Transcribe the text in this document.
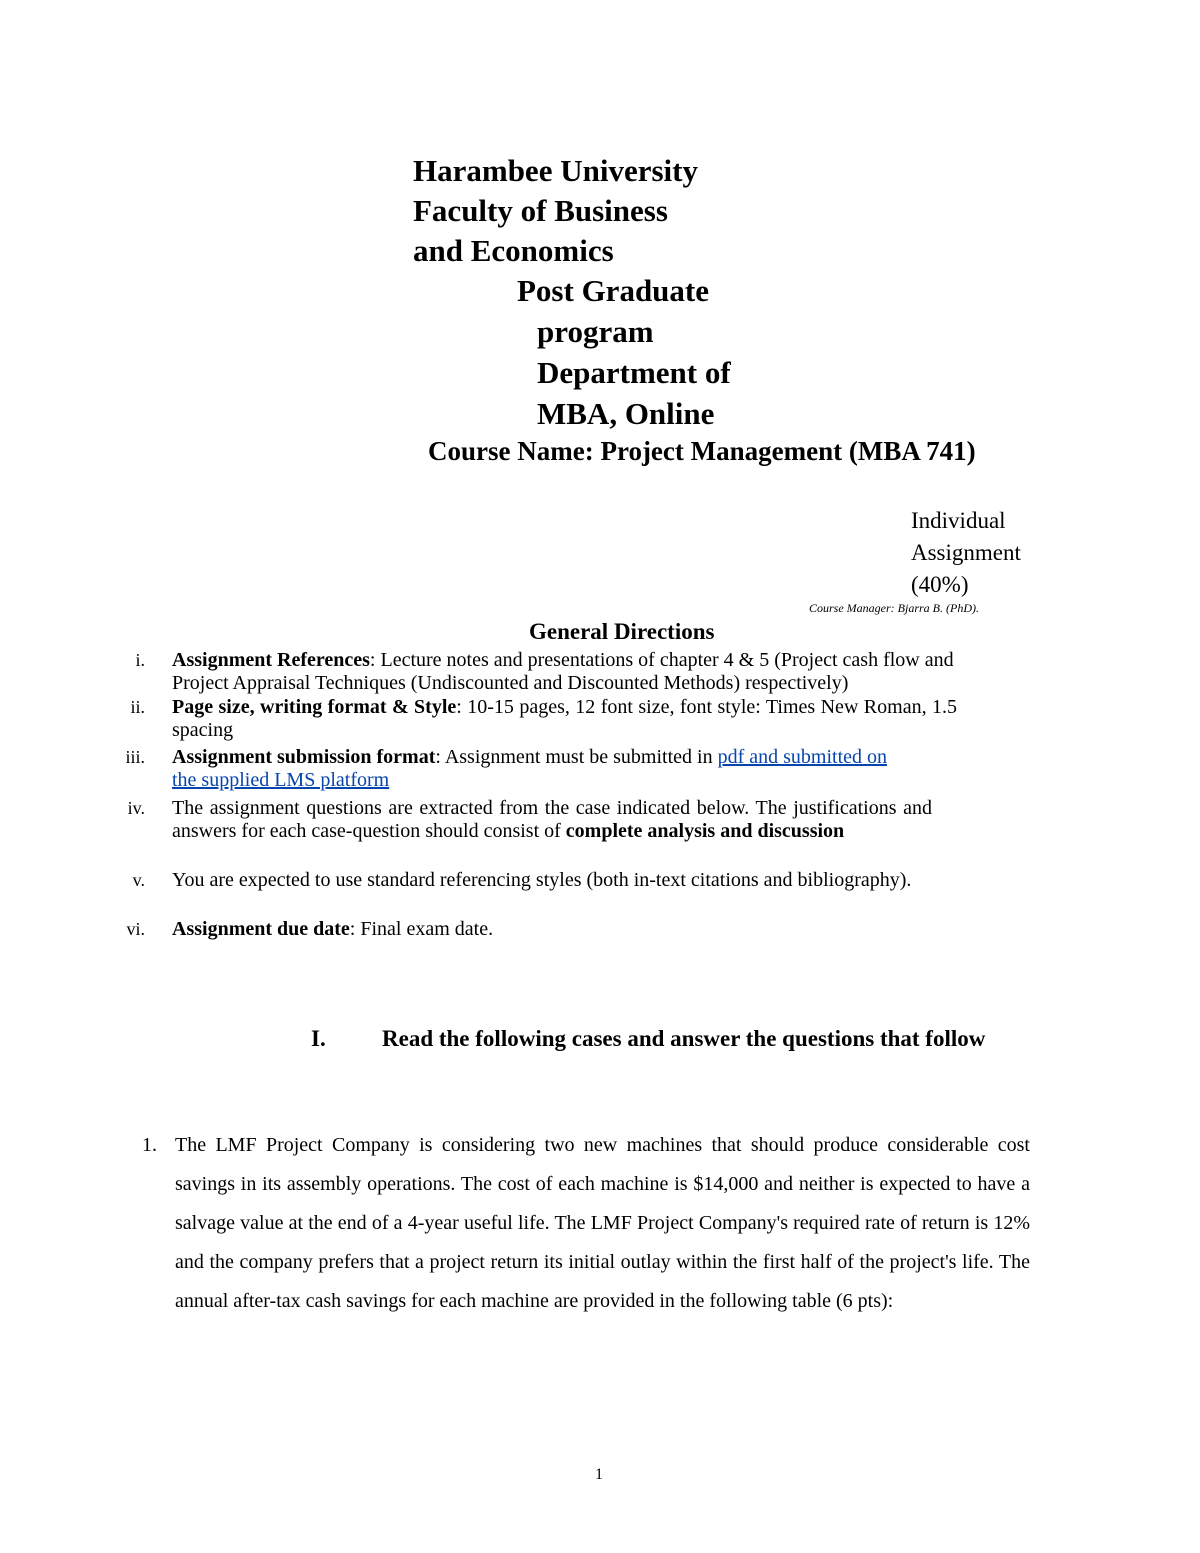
Harambee University
Faculty of Business
and Economics
Post Graduate
program
Department of
MBA, Online
Course Name: Project Management (MBA 741)
Individual
Assignment
(40%)
Course Manager: Bjarra B. (PhD).
General Directions
i. Assignment References: Lecture notes and presentations of chapter 4 & 5 (Project cash flow and Project Appraisal Techniques (Undiscounted and Discounted Methods) respectively)
ii. Page size, writing format & Style: 10-15 pages, 12 font size, font style: Times New Roman, 1.5 spacing
iii. Assignment submission format: Assignment must be submitted in pdf and submitted on the supplied LMS platform
iv. The assignment questions are extracted from the case indicated below. The justifications and answers for each case-question should consist of complete analysis and discussion
v. You are expected to use standard referencing styles (both in-text citations and bibliography).
vi. Assignment due date: Final exam date.
I.	Read the following cases and answer the questions that follow
1. The LMF Project Company is considering two new machines that should produce considerable cost savings in its assembly operations. The cost of each machine is $14,000 and neither is expected to have a salvage value at the end of a 4-year useful life. The LMF Project Company's required rate of return is 12% and the company prefers that a project return its initial outlay within the first half of the project's life. The annual after-tax cash savings for each machine are provided in the following table (6 pts):
1
